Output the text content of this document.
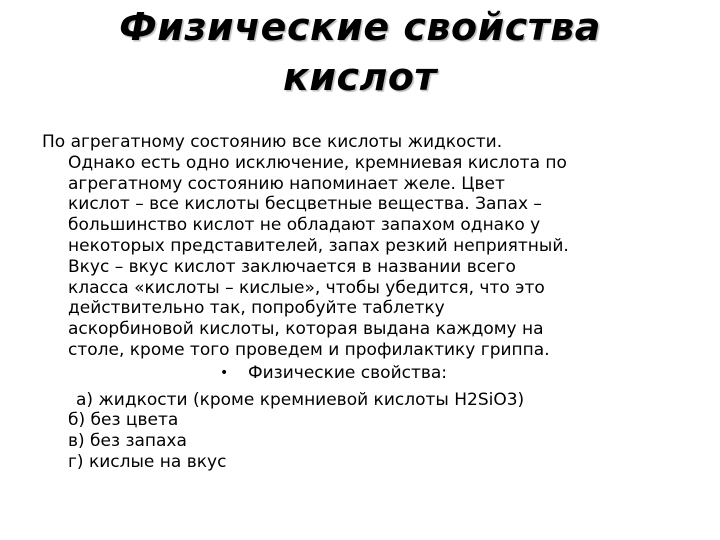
Физические свойства
кислот
По агрегатному состоянию все кислоты жидкости.
Однако есть одно исключение, кремниевая кислота по
агрегатному состоянию напоминает желе. Цвет
кислот – все кислоты бесцветные вещества. Запах –
большинство кислот не обладают запахом однако у
некоторых представителей, запах резкий неприятный.
Вкус – вкус кислот заключается в названии всего
класса «кислоты – кислые», чтобы убедится, что это
действительно так, попробуйте таблетку
аскорбиновой кислоты, которая выдана каждому на
столе, кроме того проведем и профилактику гриппа.
• Физические свойства:
а) жидкости (кроме кремниевой кислоты H2SiO3)
б) без цвета
в) без запаха
г) кислые на вкус
